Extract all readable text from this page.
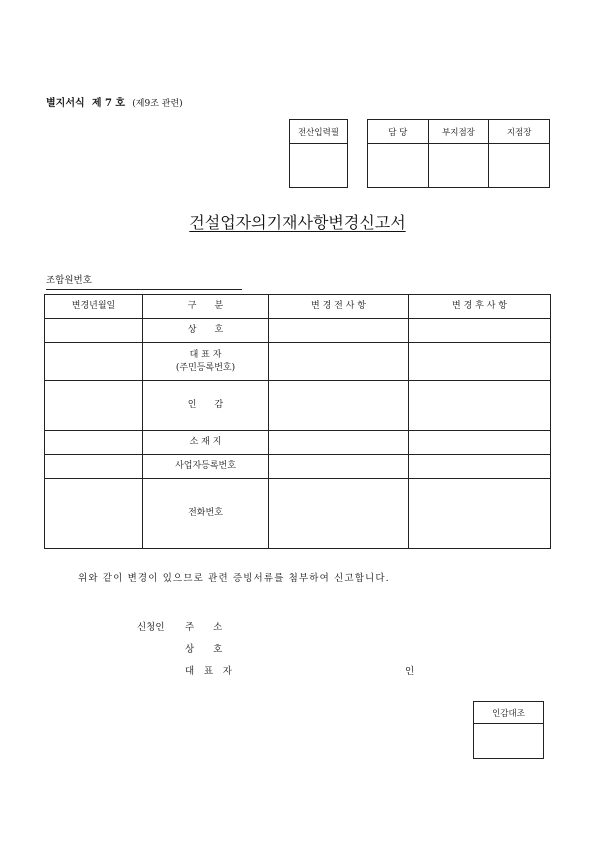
별지서식 제 7 호 (제9조 관련)
전산입력필	담 당	부지점장	지점장

건설업자의기재사항변경신고서
조합원번호
변경년월일	구　　분	변 경 전 사 항	변 경 후 사 항
	상　　호		

	대 표 자
(주민등록번호)		

	인　　감		
	소 재 지		
	사업자등록번호		
	전화번호		
위와 같이 변경이 있으므로 관련 증빙서류를 첨부하여 신고합니다.
신청인 주　　소
상　　호
대 표 자	인
인감대조
